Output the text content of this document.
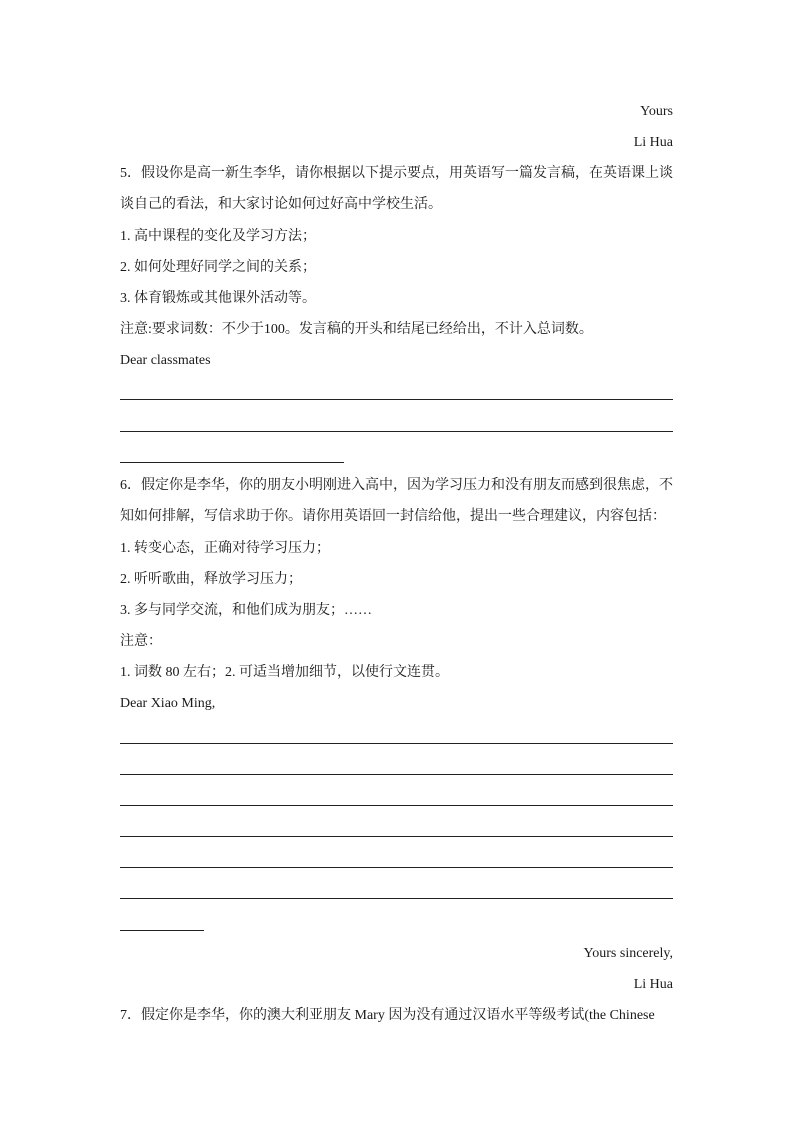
Yours
Li Hua
5．假设你是高一新生李华，请你根据以下提示要点，用英语写一篇发言稿，在英语课上谈
谈自己的看法，和大家讨论如何过好高中学校生活。
1. 高中课程的变化及学习方法；
2. 如何处理好同学之间的关系；
3. 体育锻炼或其他课外活动等。
注意:要求词数：不少于100。发言稿的开头和结尾已经给出，不计入总词数。
Dear classmates
6．假定你是李华，你的朋友小明刚进入高中，因为学习压力和没有朋友而感到很焦虑，不
知如何排解，写信求助于你。请你用英语回一封信给他，提出一些合理建议，内容包括：
1. 转变心态，正确对待学习压力；
2. 听听歌曲，释放学习压力；
3. 多与同学交流，和他们成为朋友；……
注意：
1. 词数 80 左右；2. 可适当增加细节，以使行文连贯。
Dear Xiao Ming,
Yours sincerely,
Li Hua
7．假定你是李华，你的澳大利亚朋友 Mary 因为没有通过汉语水平等级考试(the Chinese
